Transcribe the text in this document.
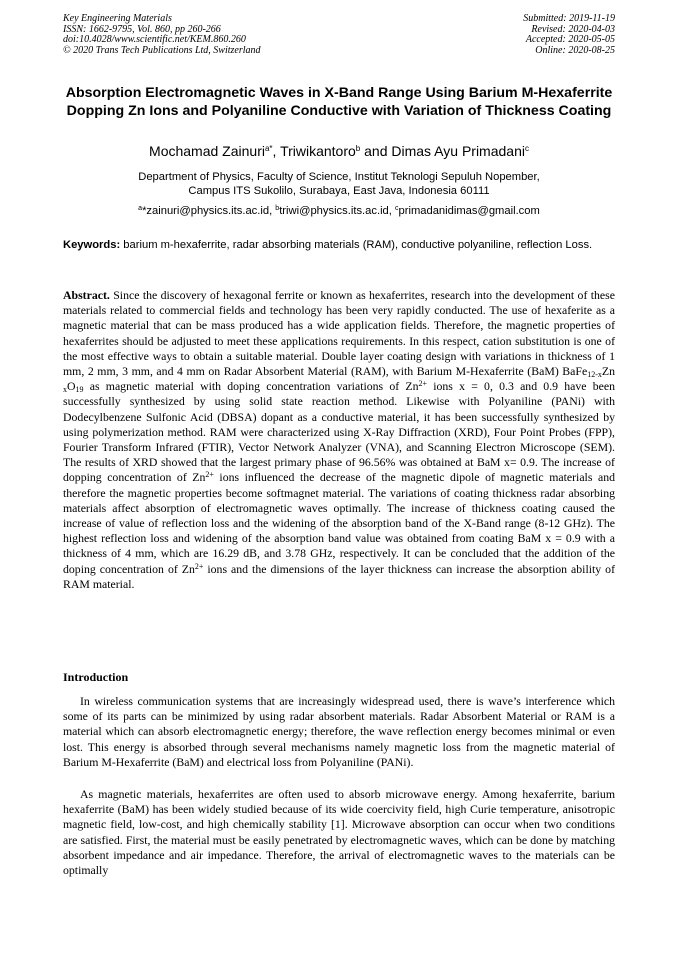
Key Engineering Materials
ISSN: 1662-9795, Vol. 860, pp 260-266
doi:10.4028/www.scientific.net/KEM.860.260
© 2020 Trans Tech Publications Ltd, Switzerland
Submitted: 2019-11-19
Revised: 2020-04-03
Accepted: 2020-05-05
Online: 2020-08-25
Absorption Electromagnetic Waves in X-Band Range Using Barium M-Hexaferrite Dopping Zn Ions and Polyaniline Conductive with Variation of Thickness Coating
Mochamad Zainuri$^{a*}$, Triwikantoro$^b$ and Dimas Ayu Primadani$^c$
Department of Physics, Faculty of Science, Institut Teknologi Sepuluh Nopember,
Campus ITS Sukolilo, Surabaya, East Java, Indonesia 60111
$^a$*zainuri@physics.its.ac.id, $^b$triwi@physics.its.ac.id, $^c$primadanidimas@gmail.com
Keywords: barium m-hexaferrite, radar absorbing materials (RAM), conductive polyaniline, reflection Loss.

Abstract. Since the discovery of hexagonal ferrite or known as hexaferrites, research into the development of these materials related to commercial fields and technology has been very rapidly conducted. The use of hexaferite as a magnetic material that can be mass produced has a wide application fields. Therefore, the magnetic properties of hexaferrites should be adjusted to meet these applications requirements. In this respect, cation substitution is one of the most effective ways to obtain a suitable material. Double layer coating design with variations in thickness of 1 mm, 2 mm, 3 mm, and 4 mm on Radar Absorbent Material (RAM), with Barium M-Hexaferrite (BaM) BaFe$_{12-x}$Zn $_xO_{19}$ as magnetic material with doping concentration variations of $Zn^{2+}$ ions x = 0, 0.3 and 0.9 have been successfully synthesized by using solid state reaction method. Likewise with Polyaniline (PANi) with Dodecylbenzene Sulfonic Acid (DBSA) dopant as a conductive material, it has been successfully synthesized by using polymerization method. RAM were characterized using X-Ray Diffraction (XRD), Four Point Probes (FPP), Fourier Transform Infrared (FTIR), Vector Network Analyzer (VNA), and Scanning Electron Microscope (SEM). The results of XRD showed that the largest primary phase of 96.56% was obtained at BaM x= 0.9. The increase of dopping concentration of $Zn^{2+}$ ions influenced the decrease of the magnetic dipole of magnetic materials and therefore the magnetic properties become softmagnet material. The variations of coating thickness radar absorbing materials affect absorption of electromagnetic waves optimally. The increase of thickness coating caused the increase of value of reflection loss and the widening of the absorption band of the X-Band range (8-12 GHz). The highest reflection loss and widening of the absorption band value was obtained from coating BaM x = 0.9 with a thickness of 4 mm, which are 16.29 dB, and 3.78 GHz, respectively. It can be concluded that the addition of the doping concentration of $Zn^{2+}$ ions and the dimensions of the layer thickness can increase the absorption ability of RAM material.

Introduction

In wireless communication systems that are increasingly widespread used, there is wave’s interference which some of its parts can be minimized by using radar absorbent materials. Radar Absorbent Material or RAM is a material which can absorb electromagnetic energy; therefore, the wave reflection energy becomes minimal or even lost. This energy is absorbed through several mechanisms namely magnetic loss from the magnetic material of Barium M-Hexaferrite (BaM) and electrical loss from Polyaniline (PANi).

As magnetic materials, hexaferrites are often used to absorb microwave energy. Among hexaferrite, barium hexaferrite (BaM) has been widely studied because of its wide coercivity field, high Curie temperature, anisotropic magnetic field, low-cost, and high chemically stability [1]. Microwave absorption can occur when two conditions are satisfied. First, the material must be easily penetrated by electromagnetic waves, which can be done by matching absorbent impedance and air impedance. Therefore, the arrival of electromagnetic waves to the materials can be optimally
